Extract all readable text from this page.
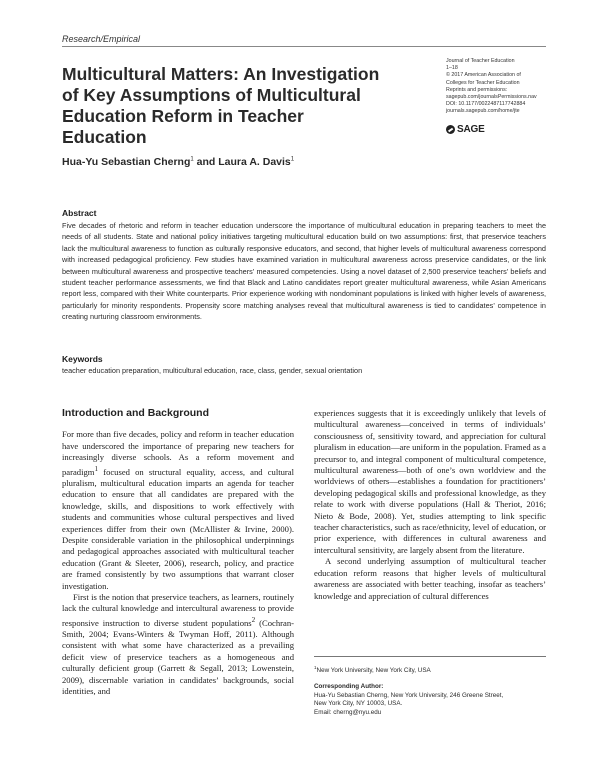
Research/Empirical
Multicultural Matters: An Investigation of Key Assumptions of Multicultural Education Reform in Teacher Education
Journal of Teacher Education
1–18
© 2017 American Association of
Colleges for Teacher Education
Reprints and permissions:
sagepub.com/journalsPermissions.nav
DOI: 10.1177/0022487117742884
journals.sagepub.com/home/jte
SAGE
Hua-Yu Sebastian Cherng$^1$ and Laura A. Davis$^1$
Abstract
Five decades of rhetoric and reform in teacher education underscore the importance of multicultural education in preparing teachers to meet the needs of all students. State and national policy initiatives targeting multicultural education build on two assumptions: first, that preservice teachers lack the multicultural awareness to function as culturally responsive educators, and second, that higher levels of multicultural awareness correspond with increased pedagogical proficiency. Few studies have examined variation in multicultural awareness across preservice candidates, or the link between multicultural awareness and prospective teachers’ measured competencies. Using a novel dataset of 2,500 preservice teachers’ beliefs and student teacher performance assessments, we find that Black and Latino candidates report greater multicultural awareness, while Asian Americans report less, compared with their White counterparts. Prior experience working with nondominant populations is linked with higher levels of awareness, particularly for minority respondents. Propensity score matching analyses reveal that multicultural awareness is tied to candidates’ competence in creating nurturing classroom environments.
Keywords
teacher education preparation, multicultural education, race, class, gender, sexual orientation
Introduction and Background

For more than five decades, policy and reform in teacher education have underscored the importance of preparing new teachers for increasingly diverse schools. As a reform movement and paradigm$^1$ focused on structural equality, access, and cultural pluralism, multicultural education imparts an agenda for teacher education to ensure that all candidates are prepared with the knowledge, skills, and dispositions to work effectively with students and communities whose cultural perspectives and lived experiences differ from their own (McAllister & Irvine, 2000). Despite considerable variation in the philosophical underpinnings and pedagogical approaches associated with multicultural teacher education (Grant & Sleeter, 2006), research, policy, and practice are framed consistently by two assumptions that warrant closer investigation.

First is the notion that preservice teachers, as learners, routinely lack the cultural knowledge and intercultural awareness to provide responsive instruction to diverse student populations$^2$ (Cochran-Smith, 2004; Evans-Winters & Twyman Hoff, 2011). Although consistent with what some have characterized as a prevailing deficit view of preservice teachers as a homogeneous and culturally deficient group (Garrett & Segall, 2013; Lowenstein, 2009), discernable variation in candidates’ backgrounds, social identities, and

experiences suggests that it is exceedingly unlikely that levels of multicultural awareness—conceived in terms of individuals’ consciousness of, sensitivity toward, and appreciation for cultural pluralism in education—are uniform in the population. Framed as a precursor to, and integral component of multicultural competence, multicultural awareness—both of one’s own worldview and the worldviews of others—establishes a foundation for practitioners’ developing pedagogical skills and professional knowledge, as they relate to work with diverse populations (Hall & Theriot, 2016; Nieto & Bode, 2008). Yet, studies attempting to link specific teacher characteristics, such as race/ethnicity, level of education, or prior experience, with differences in cultural awareness and intercultural sensitivity, are largely absent from the literature.

A second underlying assumption of multicultural teacher education reform reasons that higher levels of multicultural awareness are associated with better teaching, insofar as teachers’ knowledge and appreciation of cultural differences

$^1$New York University, New York City, USA
Corresponding Author:
Hua-Yu Sebastian Cherng, New York University, 246 Greene Street,
New York City, NY 10003, USA.
Email: cherng@nyu.edu
